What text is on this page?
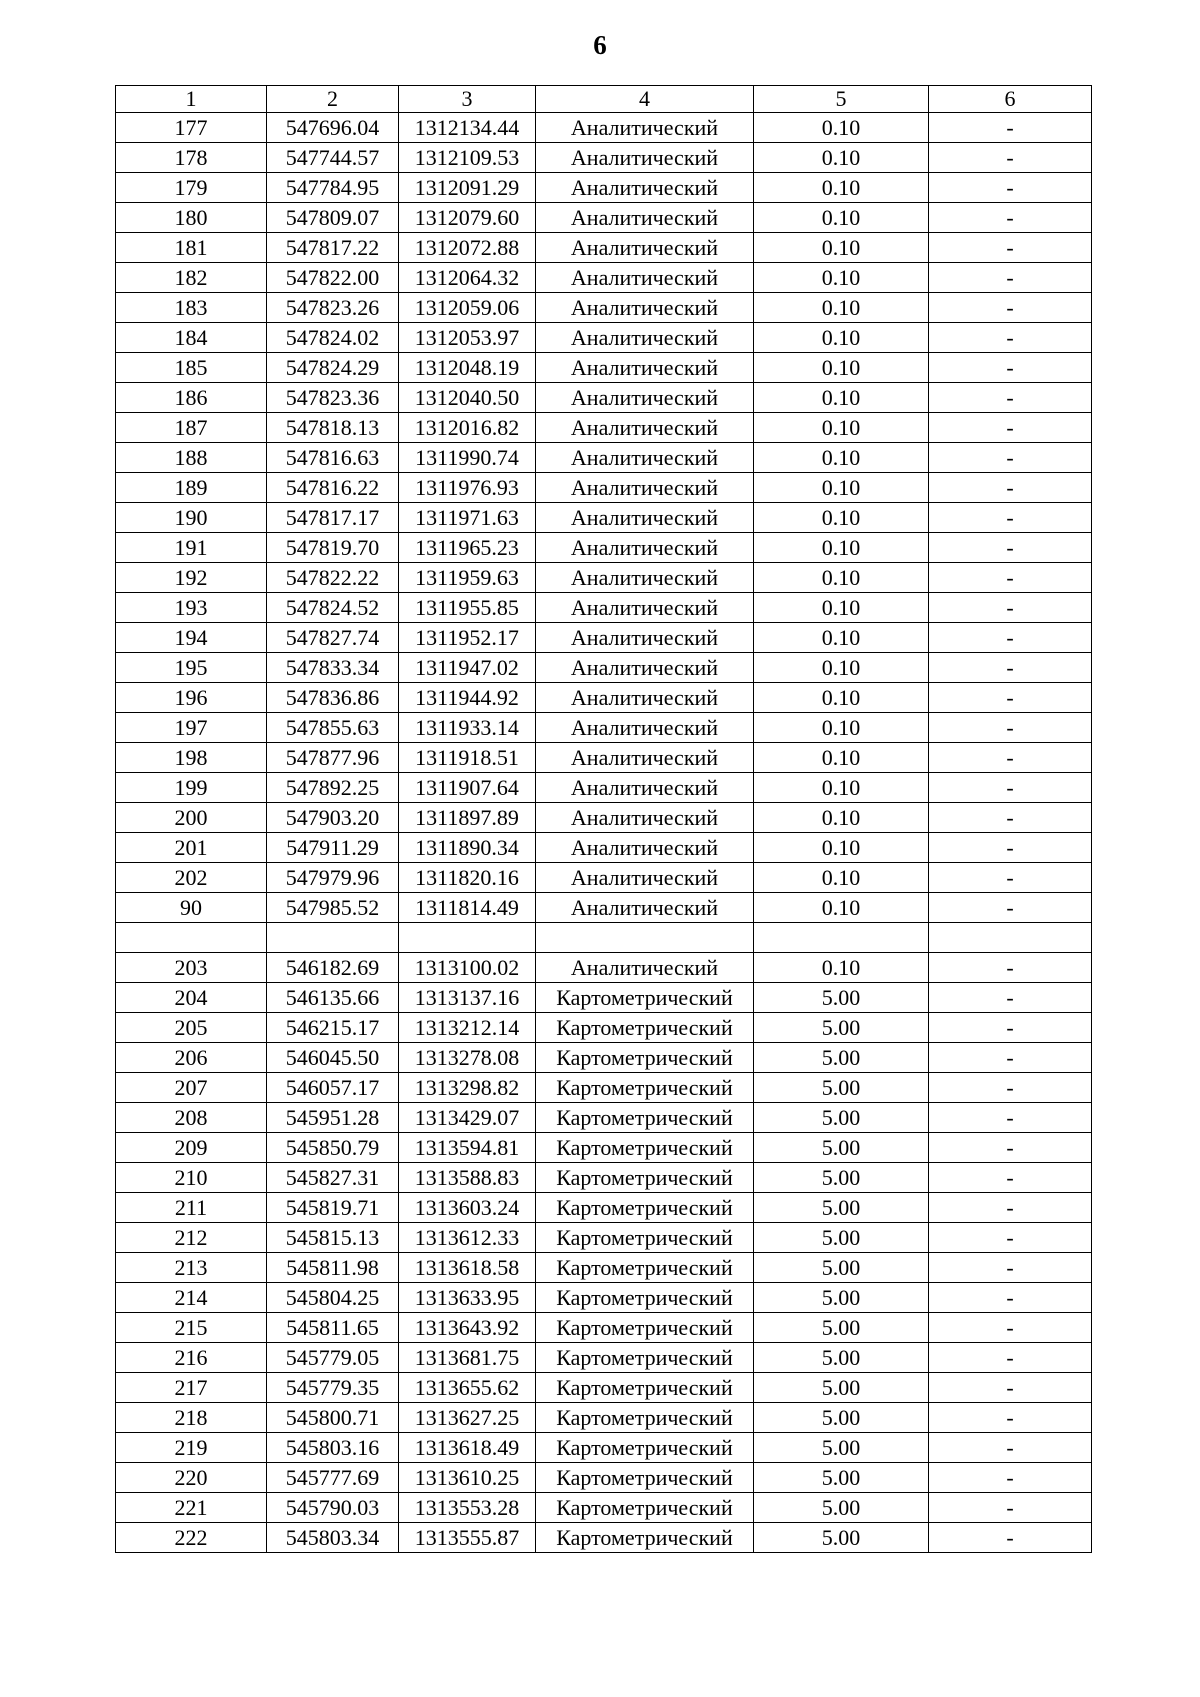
6
1	2	3	4	5	6
177	547696.04	1312134.44	Аналитический	0.10	-
178	547744.57	1312109.53	Аналитический	0.10	-
179	547784.95	1312091.29	Аналитический	0.10	-
180	547809.07	1312079.60	Аналитический	0.10	-
181	547817.22	1312072.88	Аналитический	0.10	-
182	547822.00	1312064.32	Аналитический	0.10	-
183	547823.26	1312059.06	Аналитический	0.10	-
184	547824.02	1312053.97	Аналитический	0.10	-
185	547824.29	1312048.19	Аналитический	0.10	-
186	547823.36	1312040.50	Аналитический	0.10	-
187	547818.13	1312016.82	Аналитический	0.10	-
188	547816.63	1311990.74	Аналитический	0.10	-
189	547816.22	1311976.93	Аналитический	0.10	-
190	547817.17	1311971.63	Аналитический	0.10	-
191	547819.70	1311965.23	Аналитический	0.10	-
192	547822.22	1311959.63	Аналитический	0.10	-
193	547824.52	1311955.85	Аналитический	0.10	-
194	547827.74	1311952.17	Аналитический	0.10	-
195	547833.34	1311947.02	Аналитический	0.10	-
196	547836.86	1311944.92	Аналитический	0.10	-
197	547855.63	1311933.14	Аналитический	0.10	-
198	547877.96	1311918.51	Аналитический	0.10	-
199	547892.25	1311907.64	Аналитический	0.10	-
200	547903.20	1311897.89	Аналитический	0.10	-
201	547911.29	1311890.34	Аналитический	0.10	-
202	547979.96	1311820.16	Аналитический	0.10	-
90	547985.52	1311814.49	Аналитический	0.10	-

203	546182.69	1313100.02	Аналитический	0.10	-
204	546135.66	1313137.16	Картометрический	5.00	-
205	546215.17	1313212.14	Картометрический	5.00	-
206	546045.50	1313278.08	Картометрический	5.00	-
207	546057.17	1313298.82	Картометрический	5.00	-
208	545951.28	1313429.07	Картометрический	5.00	-
209	545850.79	1313594.81	Картометрический	5.00	-
210	545827.31	1313588.83	Картометрический	5.00	-
211	545819.71	1313603.24	Картометрический	5.00	-
212	545815.13	1313612.33	Картометрический	5.00	-
213	545811.98	1313618.58	Картометрический	5.00	-
214	545804.25	1313633.95	Картометрический	5.00	-
215	545811.65	1313643.92	Картометрический	5.00	-
216	545779.05	1313681.75	Картометрический	5.00	-
217	545779.35	1313655.62	Картометрический	5.00	-
218	545800.71	1313627.25	Картометрический	5.00	-
219	545803.16	1313618.49	Картометрический	5.00	-
220	545777.69	1313610.25	Картометрический	5.00	-
221	545790.03	1313553.28	Картометрический	5.00	-
222	545803.34	1313555.87	Картометрический	5.00	-
